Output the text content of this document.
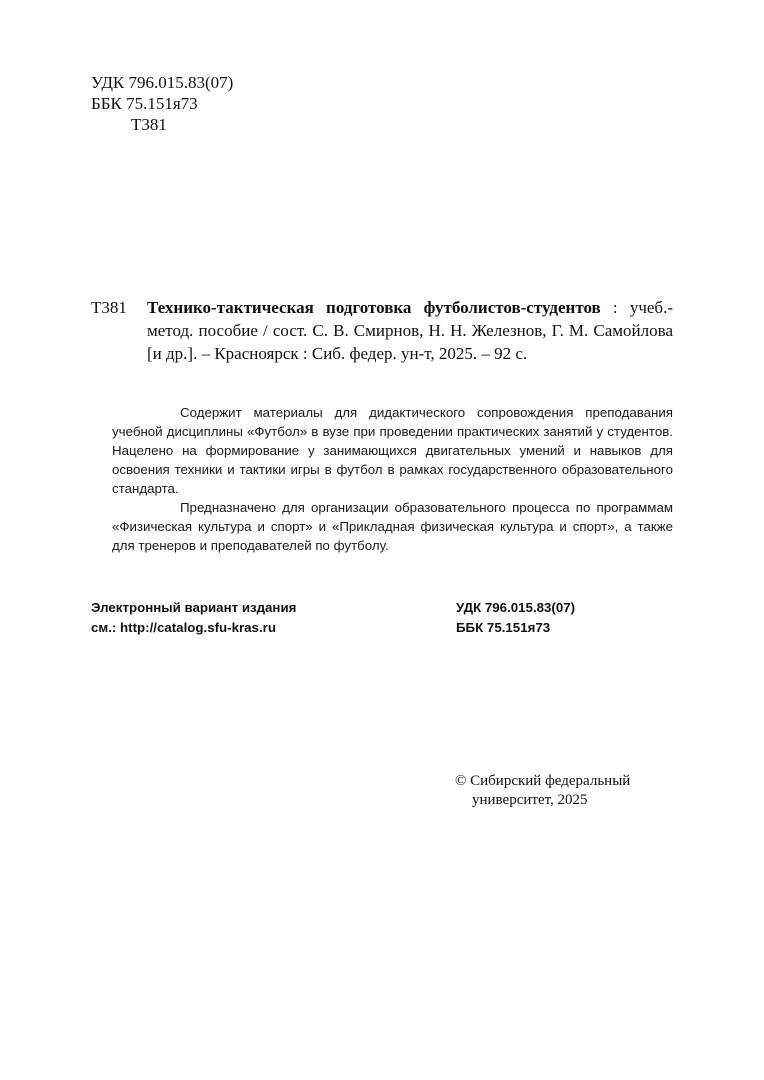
УДК 796.015.83(07)
ББК 75.151я73
Т381
Т381 Технико-тактическая подготовка футболистов-студентов : учеб.-метод. пособие / сост. С. В. Смирнов, Н. Н. Железнов, Г. М. Самойлова [и др.]. – Красноярск : Сиб. федер. ун-т, 2025. – 92 с.

Содержит материалы для дидактического сопровождения преподавания учебной дисциплины «Футбол» в вузе при проведении практических занятий у студентов. Нацелено на формирование у занимающихся двигательных умений и навыков для освоения техники и тактики игры в футбол в рамках государственного образовательного стандарта.

Предназначено для организации образовательного процесса по программам «Физическая культура и спорт» и «Прикладная физическая культура и спорт», а также для тренеров и преподавателей по футболу.

Электронный вариант издания
см.: http://catalog.sfu-kras.ru
УДК 796.015.83(07)
ББК 75.151я73
© Сибирский федеральный
университет, 2025
